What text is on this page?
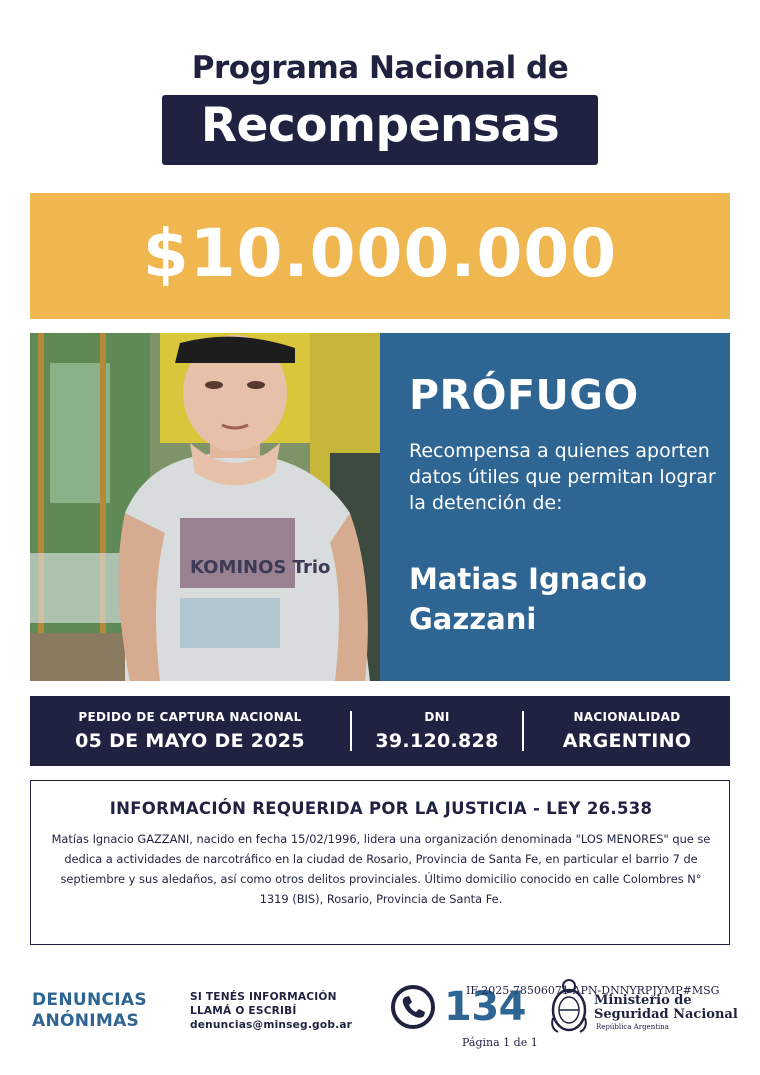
Programa Nacional de
Recompensas
$10.000.000
KOMINOS Trio
PRÓFUGO
Recompensa a quienes aporten datos útiles que permitan lograr la detención de:
Matias Ignacio Gazzani
PEDIDO DE CAPTURA NACIONAL
05 DE MAYO DE 2025
DNI
39.120.828
NACIONALIDAD
ARGENTINO
INFORMACIÓN REQUERIDA POR LA JUSTICIA - LEY 26.538
Matías Ignacio GAZZANI, nacido en fecha 15/02/1996, lidera una organización denominada "LOS MENORES" que se dedica a actividades de narcotráfico en la ciudad de Rosario, Provincia de Santa Fe, en particular el barrio 7 de septiembre y sus aledaños, así como otros delitos provinciales. Último domicilio conocido en calle Colombres N° 1319 (BIS), Rosario, Provincia de Santa Fe.
DENUNCIAS
ANÓNIMAS
SI TENÉS INFORMACIÓN
LLAMÁ O ESCRIBÍ
denuncias@minseg.gob.ar 134
IF-2025-78506071-APN-DNNYRPJYMP#MSG
Página 1 de 1
Ministerio de
Seguridad Nacional
República Argentina
